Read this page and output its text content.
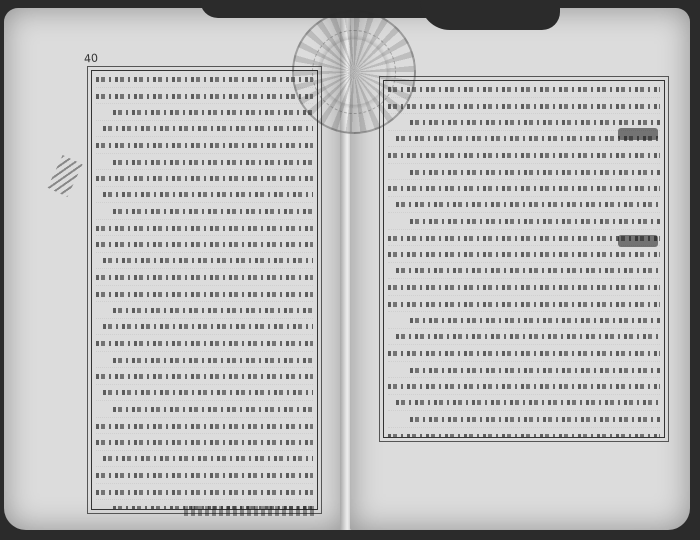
40
